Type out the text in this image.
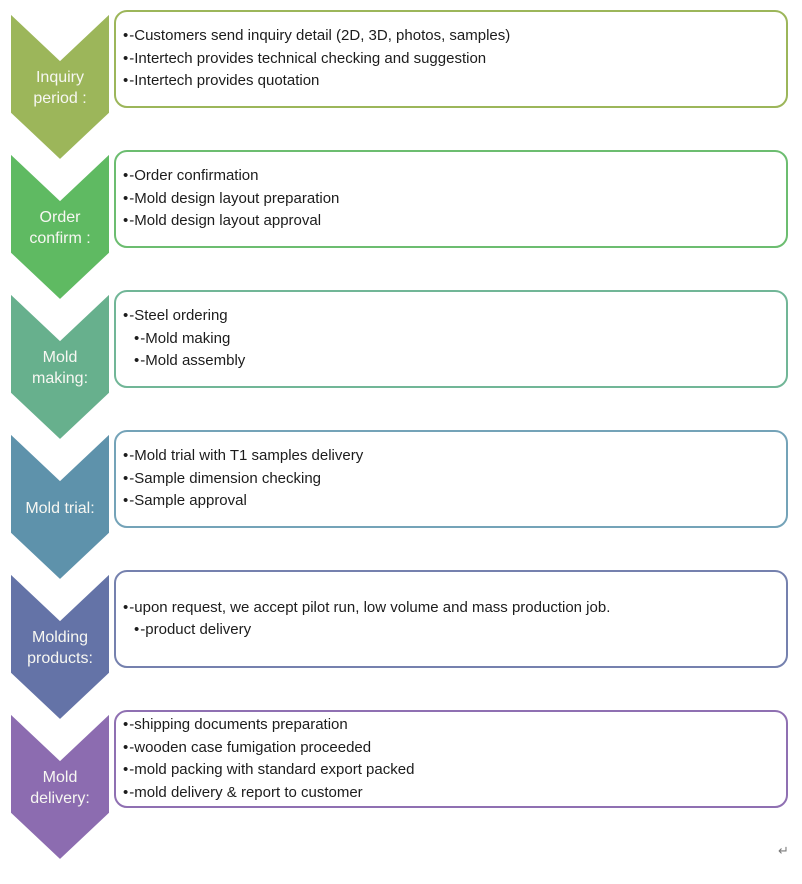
Inquiry period :
• -Customers send inquiry detail (2D, 3D, photos, samples)
• -Intertech provides technical checking and suggestion
• -Intertech provides quotation
Order confirm :
• -Order confirmation
• -Mold design layout preparation
• -Mold design layout approval
Mold making:
• -Steel ordering
• -Mold making
• -Mold assembly
Mold trial:
• -Mold trial with T1 samples delivery
• -Sample dimension checking
• -Sample approval
Molding products:
• -upon request, we accept pilot run, low volume and mass production job.
• -product delivery
Mold delivery:
• -shipping documents preparation
• -wooden case fumigation proceeded
• -mold packing with standard export packed
• -mold delivery & report to customer
↵
